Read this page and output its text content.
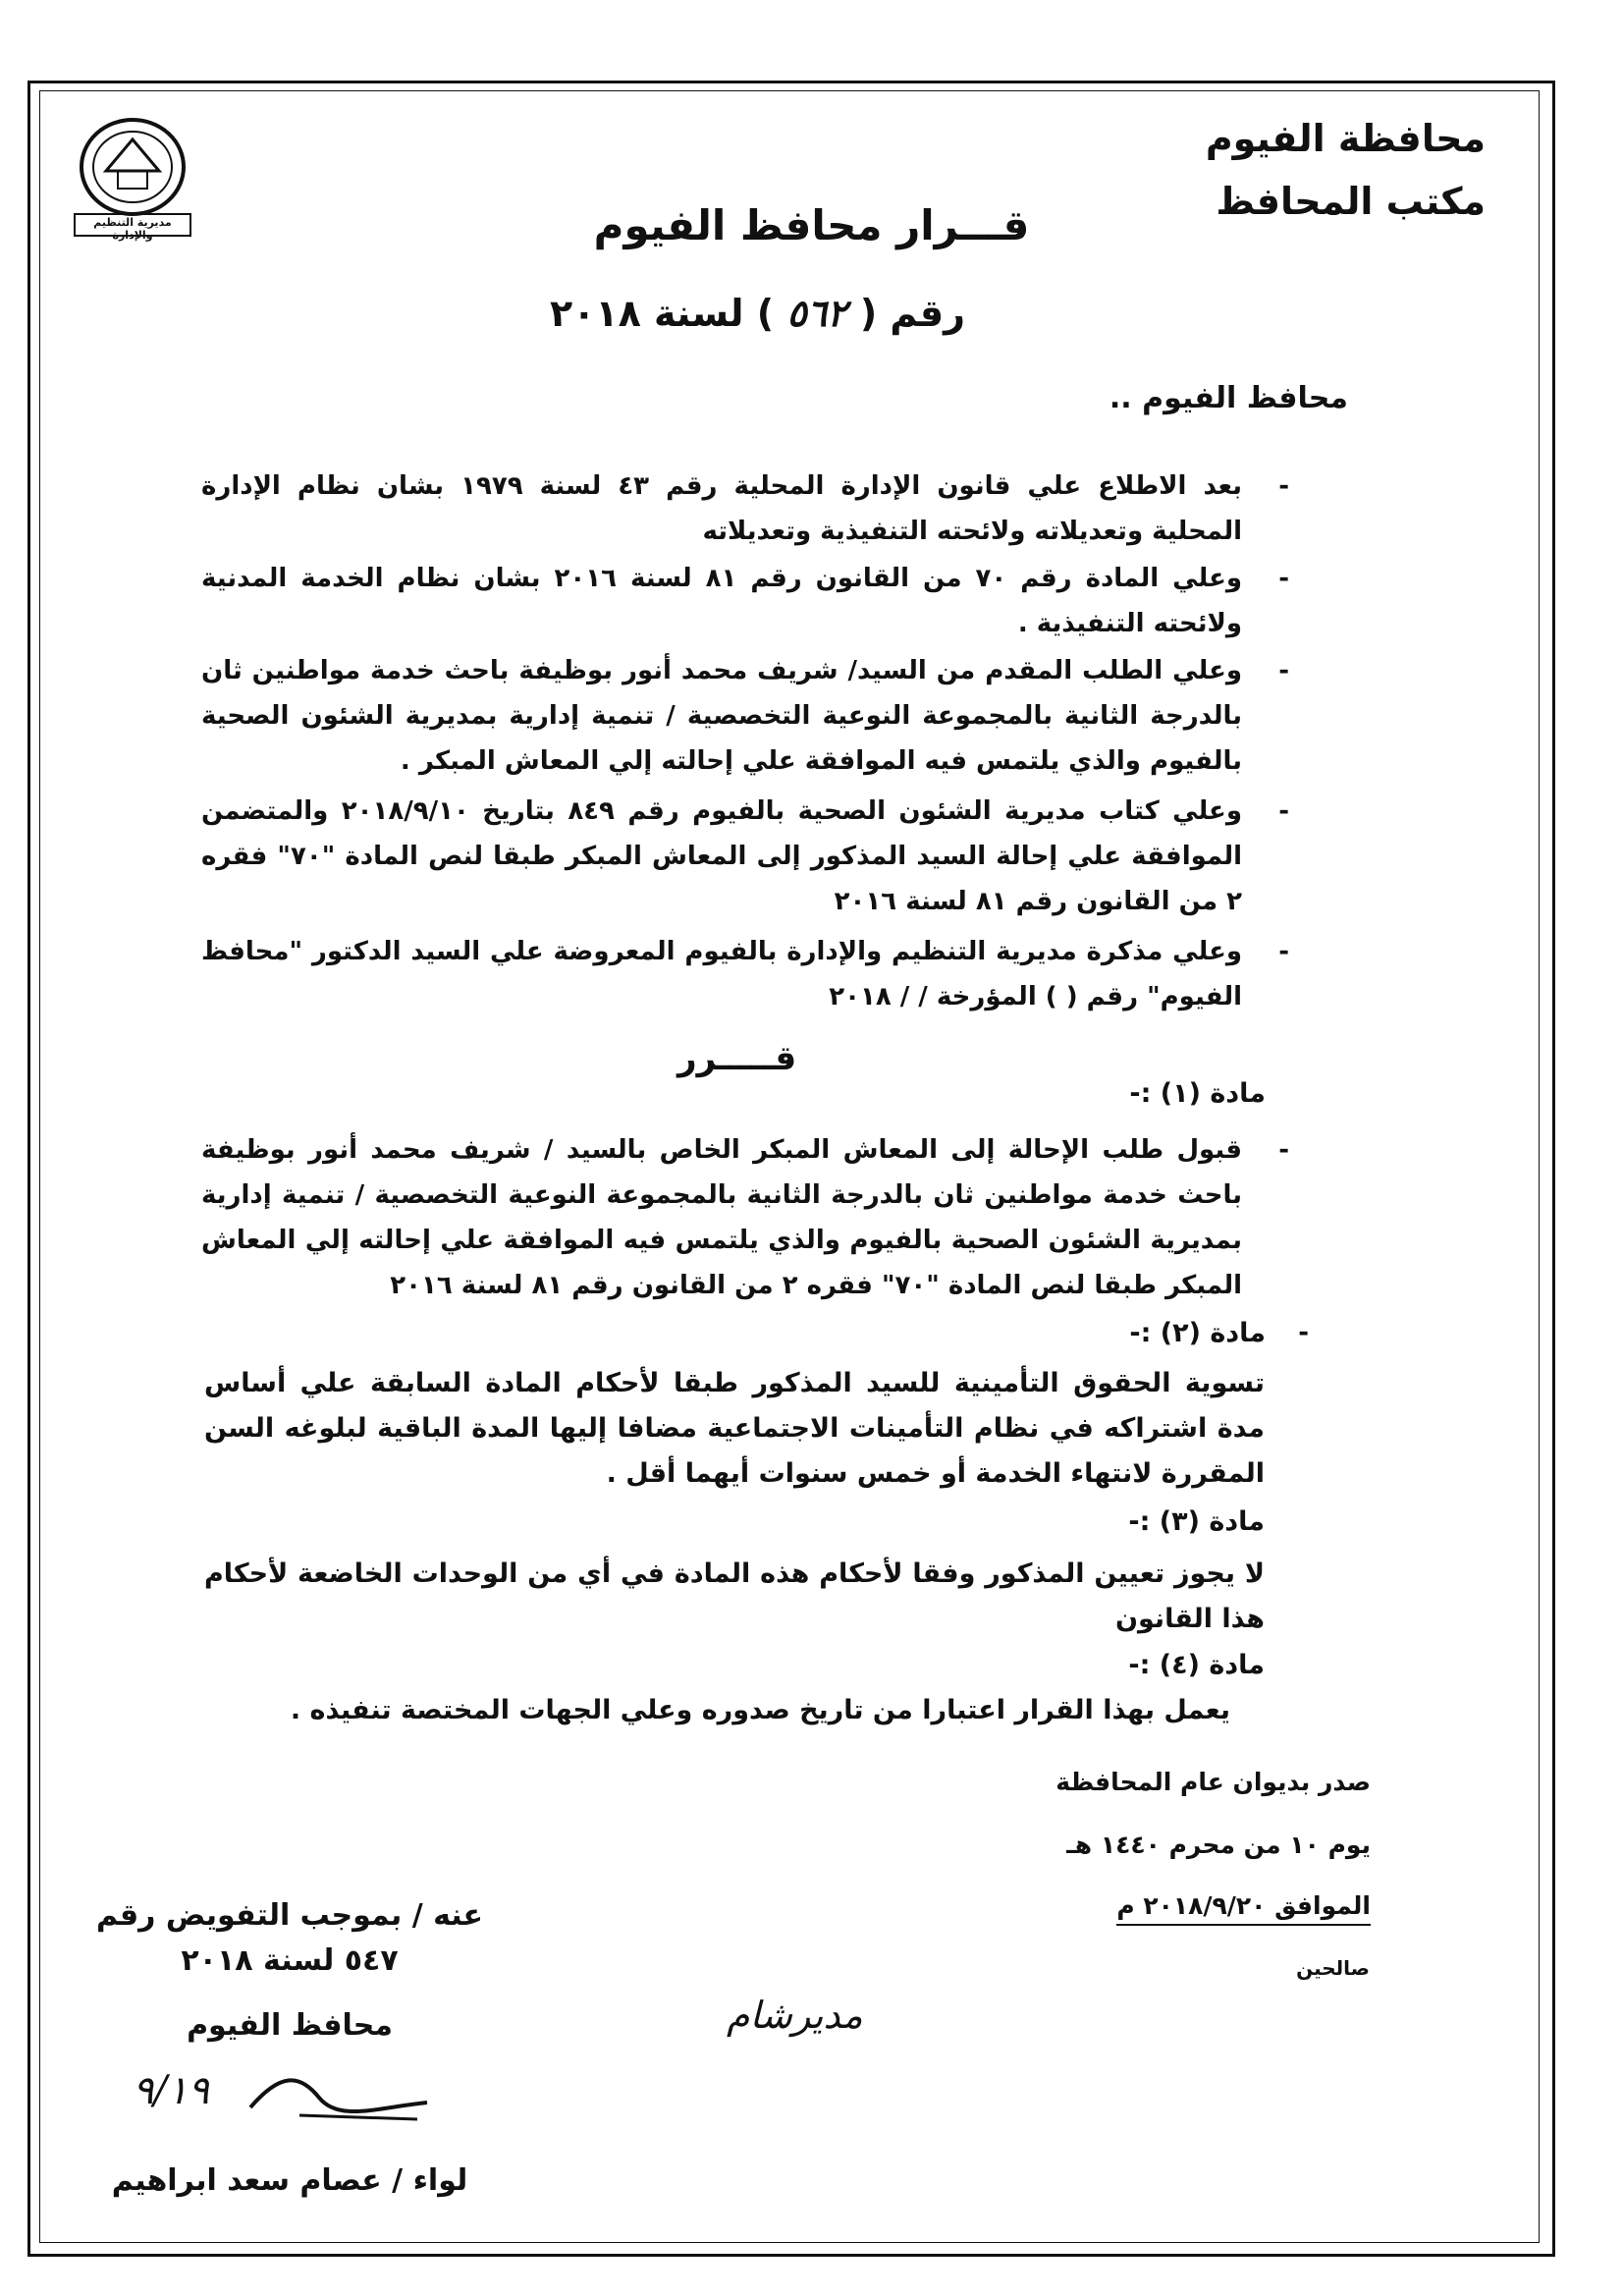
محافظة الفيوم
مكتب المحافظ
مديرية التنظيم والإدارة	قـــرار محافظ الفيوم
رقم ( ٥٦٢ ) لسنة ٢٠١٨
محافظ الفيوم ..
-
بعد الاطلاع علي قانون الإدارة المحلية رقم ٤٣ لسنة ١٩٧٩ بشان نظام الإدارة المحلية وتعديلاته ولائحته التنفيذية وتعديلاته
-
وعلي المادة رقم ٧٠ من القانون رقم ٨١ لسنة ٢٠١٦ بشان نظام الخدمة المدنية ولائحته التنفيذية .
-
وعلي الطلب المقدم من السيد/ شريف محمد أنور بوظيفة باحث خدمة مواطنين ثان بالدرجة الثانية بالمجموعة النوعية التخصصية / تنمية إدارية بمديرية الشئون الصحية بالفيوم والذي يلتمس فيه الموافقة علي إحالته إلي المعاش المبكر .
-
وعلي كتاب مديرية الشئون الصحية بالفيوم رقم ٨٤٩ بتاريخ ٢٠١٨/٩/١٠ والمتضمن الموافقة علي إحالة السيد المذكور إلى المعاش المبكر طبقا لنص المادة "٧٠" فقره ٢ من القانون رقم ٨١ لسنة ٢٠١٦
-
وعلي مذكرة مديرية التنظيم والإدارة بالفيوم المعروضة علي السيد الدكتور "محافظ الفيوم" رقم ( ) المؤرخة / / ٢٠١٨
قـــــرر
مادة (١) :-
-
قبول طلب الإحالة إلى المعاش المبكر الخاص بالسيد / شريف محمد أنور بوظيفة باحث خدمة مواطنين ثان بالدرجة الثانية بالمجموعة النوعية التخصصية / تنمية إدارية بمديرية الشئون الصحية بالفيوم والذي يلتمس فيه الموافقة علي إحالته إلي المعاش المبكر طبقا لنص المادة "٧٠" فقره ٢ من القانون رقم ٨١ لسنة ٢٠١٦
-
مادة (٢) :-
تسوية الحقوق التأمينية للسيد المذكور طبقا لأحكام المادة السابقة علي أساس مدة اشتراكه في نظام التأمينات الاجتماعية مضافا إليها المدة الباقية لبلوغه السن المقررة لانتهاء الخدمة أو خمس سنوات أيهما أقل .
مادة (٣) :-
لا يجوز تعيين المذكور وفقا لأحكام هذه المادة في أي من الوحدات الخاضعة لأحكام هذا القانون
مادة (٤) :-
يعمل بهذا القرار اعتبارا من تاريخ صدوره وعلي الجهات المختصة تنفيذه .
صدر بديوان عام المحافظة
يوم ١٠ من محرم ١٤٤٠ هـ
الموافق ٢٠١٨/٩/٢٠ م
صالحين
مديرشام
عنه / بموجب التفويض رقم ٥٤٧ لسنة ٢٠١٨
محافظ الفيوم
٩/١٩
لواء / عصام سعد ابراهيم
